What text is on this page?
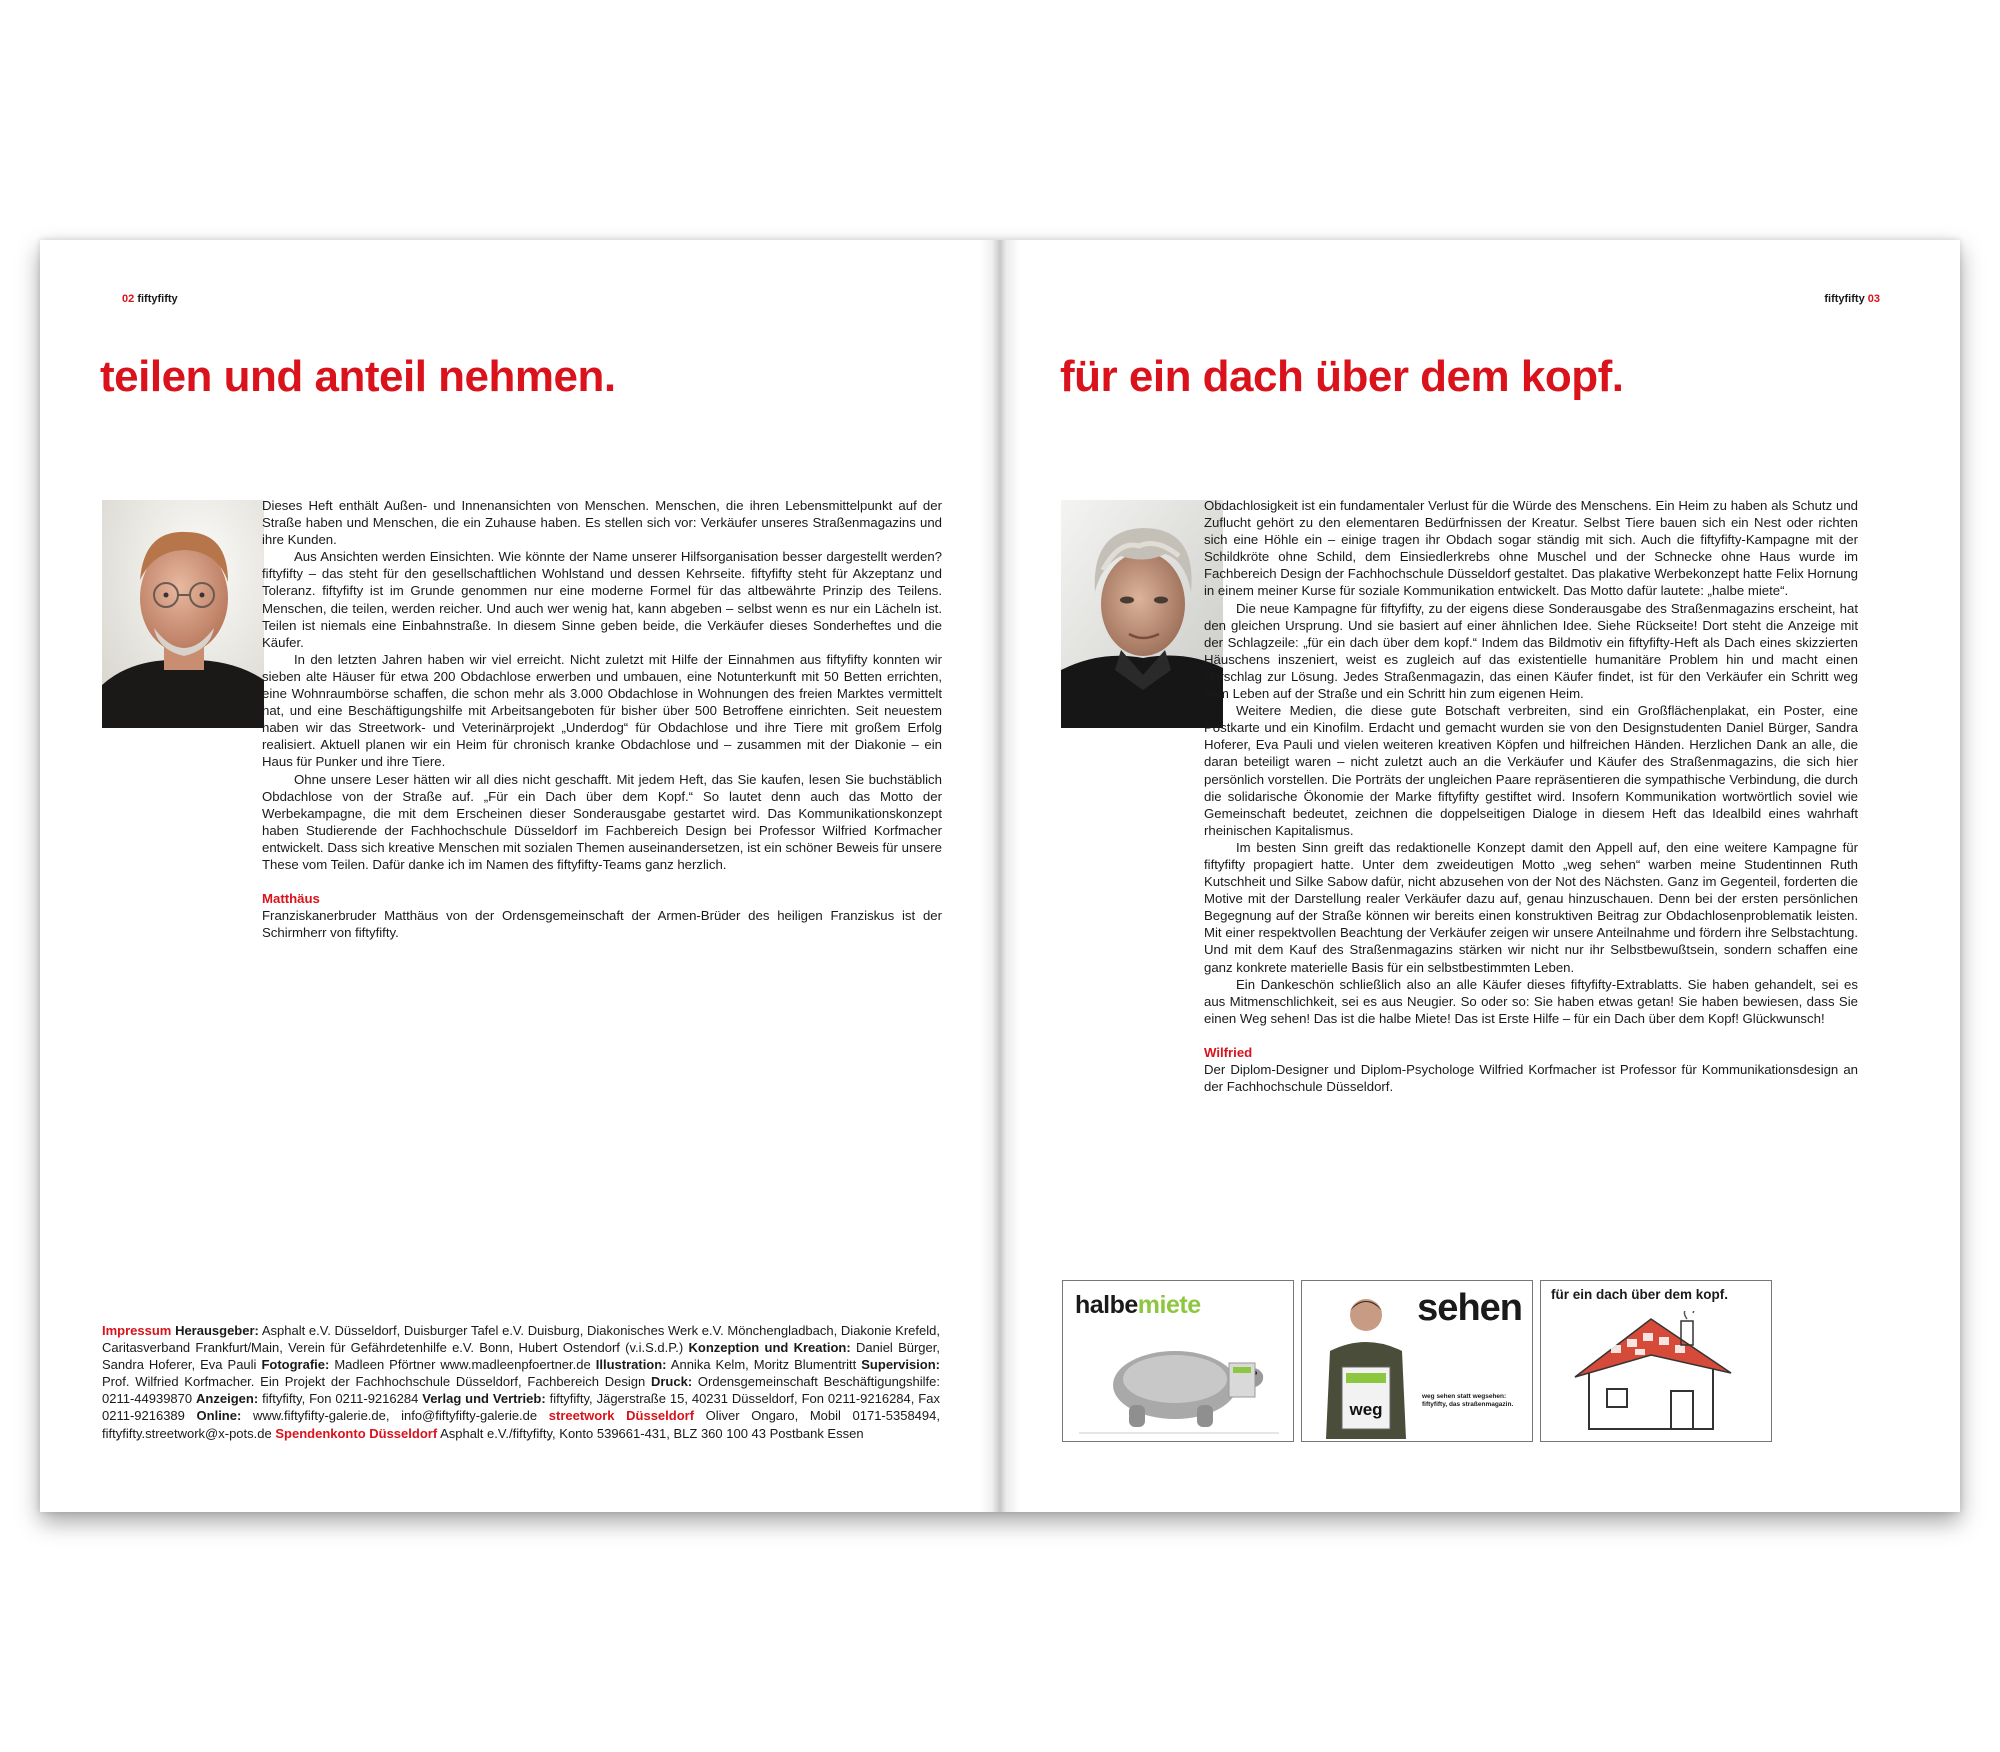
02 fiftyfifty
teilen und anteil nehmen.

Dieses Heft enthält Außen- und Innenansichten von Menschen. Menschen, die ihren Lebensmittelpunkt auf der Straße haben und Menschen, die ein Zuhause haben. Es stellen sich vor: Verkäufer unseres Straßenmagazins und ihre Kunden.

Aus Ansichten werden Einsichten. Wie könnte der Name unserer Hilfsorganisation besser dargestellt werden? fiftyfifty – das steht für den gesellschaftlichen Wohlstand und dessen Kehrseite. fiftyfifty steht für Akzeptanz und Toleranz. fiftyfifty ist im Grunde genommen nur eine moderne Formel für das altbewährte Prinzip des Teilens. Menschen, die teilen, werden reicher. Und auch wer wenig hat, kann abgeben – selbst wenn es nur ein Lächeln ist. Teilen ist niemals eine Einbahnstraße. In diesem Sinne geben beide, die Verkäufer dieses Sonderheftes und die Käufer.

In den letzten Jahren haben wir viel erreicht. Nicht zuletzt mit Hilfe der Einnahmen aus fiftyfifty konnten wir sieben alte Häuser für etwa 200 Obdachlose erwerben und umbauen, eine Notunterkunft mit 50 Betten errichten, eine Wohnraumbörse schaffen, die schon mehr als 3.000 Obdachlose in Wohnungen des freien Marktes vermittelt hat, und eine Beschäftigungshilfe mit Arbeitsangeboten für bisher über 500 Betroffene einrichten. Seit neuestem haben wir das Streetwork- und Veterinärprojekt „Underdog“ für Obdachlose und ihre Tiere mit großem Erfolg realisiert. Aktuell planen wir ein Heim für chronisch kranke Obdachlose und – zusammen mit der Diakonie – ein Haus für Punker und ihre Tiere.

Ohne unsere Leser hätten wir all dies nicht geschafft. Mit jedem Heft, das Sie kaufen, lesen Sie buchstäblich Obdachlose von der Straße auf. „Für ein Dach über dem Kopf.“ So lautet denn auch das Motto der Werbekampagne, die mit dem Erscheinen dieser Sonderausgabe gestartet wird. Das Kommunikationskonzept haben Studierende der Fachhochschule Düsseldorf im Fachbereich Design bei Professor Wilfried Korfmacher entwickelt. Dass sich kreative Menschen mit sozialen Themen auseinandersetzen, ist ein schöner Beweis für unsere These vom Teilen. Dafür danke ich im Namen des fiftyfifty-Teams ganz herzlich.

Matthäus

Franziskanerbruder Matthäus von der Ordensgemeinschaft der Armen-Brüder des heiligen Franziskus ist der Schirmherr von fiftyfifty.

Impressum Herausgeber: Asphalt e.V. Düsseldorf, Duisburger Tafel e.V. Duisburg, Diakonisches Werk e.V. Mönchengladbach, Diakonie Krefeld, Caritasverband Frankfurt/Main, Verein für Gefährdetenhilfe e.V. Bonn, Hubert Ostendorf (v.i.S.d.P.) Konzeption und Kreation: Daniel Bürger, Sandra Hoferer, Eva Pauli Fotografie: Madleen Pförtner www.madleenpfoertner.de Illustration: Annika Kelm, Moritz Blumentritt Supervision: Prof. Wilfried Korfmacher. Ein Projekt der Fachhochschule Düsseldorf, Fachbereich Design Druck: Ordensgemeinschaft Beschäftigungshilfe: 0211-44939870 Anzeigen: fiftyfifty, Fon 0211-9216284 Verlag und Vertrieb: fiftyfifty, Jägerstraße 15, 40231 Düsseldorf, Fon 0211-9216284, Fax 0211-9216389 Online: www.fiftyfifty-galerie.de, info@fiftyfifty-galerie.de streetwork Düsseldorf Oliver Ongaro, Mobil 0171-5358494, fiftyfifty.streetwork@x-pots.de Spendenkonto Düsseldorf Asphalt e.V./fiftyfifty, Konto 539661-431, BLZ 360 100 43 Postbank Essen
fiftyfifty 03
für ein dach über dem kopf.

Obdachlosigkeit ist ein fundamentaler Verlust für die Würde des Menschens. Ein Heim zu haben als Schutz und Zuflucht gehört zu den elementaren Bedürfnissen der Kreatur. Selbst Tiere bauen sich ein Nest oder richten sich eine Höhle ein – einige tragen ihr Obdach sogar ständig mit sich. Auch die fiftyfifty-Kampagne mit der Schildkröte ohne Schild, dem Einsiedlerkrebs ohne Muschel und der Schnecke ohne Haus wurde im Fachbereich Design der Fachhochschule Düsseldorf gestaltet. Das plakative Werbekonzept hatte Felix Hornung in einem meiner Kurse für soziale Kommunikation entwickelt. Das Motto dafür lautete: „halbe miete“.

Die neue Kampagne für fiftyfifty, zu der eigens diese Sonderausgabe des Straßenmagazins erscheint, hat den gleichen Ursprung. Und sie basiert auf einer ähnlichen Idee. Siehe Rückseite! Dort steht die Anzeige mit der Schlagzeile: „für ein dach über dem kopf.“ Indem das Bildmotiv ein fiftyfifty-Heft als Dach eines skizzierten Häuschens inszeniert, weist es zugleich auf das existentielle humanitäre Problem hin und macht einen Vorschlag zur Lösung. Jedes Straßenmagazin, das einen Käufer findet, ist für den Verkäufer ein Schritt weg vom Leben auf der Straße und ein Schritt hin zum eigenen Heim.

Weitere Medien, die diese gute Botschaft verbreiten, sind ein Großflächenplakat, ein Poster, eine Postkarte und ein Kinofilm. Erdacht und gemacht wurden sie von den Designstudenten Daniel Bürger, Sandra Hoferer, Eva Pauli und vielen weiteren kreativen Köpfen und hilfreichen Händen. Herzlichen Dank an alle, die daran beteiligt waren – nicht zuletzt auch an die Verkäufer und Käufer des Straßenmagazins, die sich hier persönlich vorstellen. Die Porträts der ungleichen Paare repräsentieren die sympathische Verbindung, die durch die solidarische Ökonomie der Marke fiftyfifty gestiftet wird. Insofern Kommunikation wortwörtlich soviel wie Gemeinschaft bedeutet, zeichnen die doppelseitigen Dialoge in diesem Heft das Idealbild eines wahrhaft rheinischen Kapitalismus.

Im besten Sinn greift das redaktionelle Konzept damit den Appell auf, den eine weitere Kampagne für fiftyfifty propagiert hatte. Unter dem zweideutigen Motto „weg sehen“ warben meine Studentinnen Ruth Kutschheit und Silke Sabow dafür, nicht abzusehen von der Not des Nächsten. Ganz im Gegenteil, forderten die Motive mit der Darstellung realer Verkäufer dazu auf, genau hinzuschauen. Denn bei der ersten persönlichen Begegnung auf der Straße können wir bereits einen konstruktiven Beitrag zur Obdachlosenproblematik leisten. Mit einer respektvollen Beachtung der Verkäufer zeigen wir unsere Anteilnahme und fördern ihre Selbstachtung. Und mit dem Kauf des Straßenmagazins stärken wir nicht nur ihr Selbstbewußtsein, sondern schaffen eine ganz konkrete materielle Basis für ein selbstbestimmten Leben.

Ein Dankeschön schließlich also an alle Käufer dieses fiftyfifty-Extrablatts. Sie haben gehandelt, sei es aus Mitmenschlichkeit, sei es aus Neugier. So oder so: Sie haben etwas getan! Sie haben bewiesen, dass Sie einen Weg sehen! Das ist die halbe Miete! Das ist Erste Hilfe – für ein Dach über dem Kopf! Glückwunsch!

Wilfried

Der Diplom-Designer und Diplom-Psychologe Wilfried Korfmacher ist Professor für Kommunikationsdesign an der Fachhochschule Düsseldorf.

halbemiete	sehen
weg
weg sehen statt wegsehen: fiftyfifty, das straßenmagazin.
für ein dach über dem kopf.
